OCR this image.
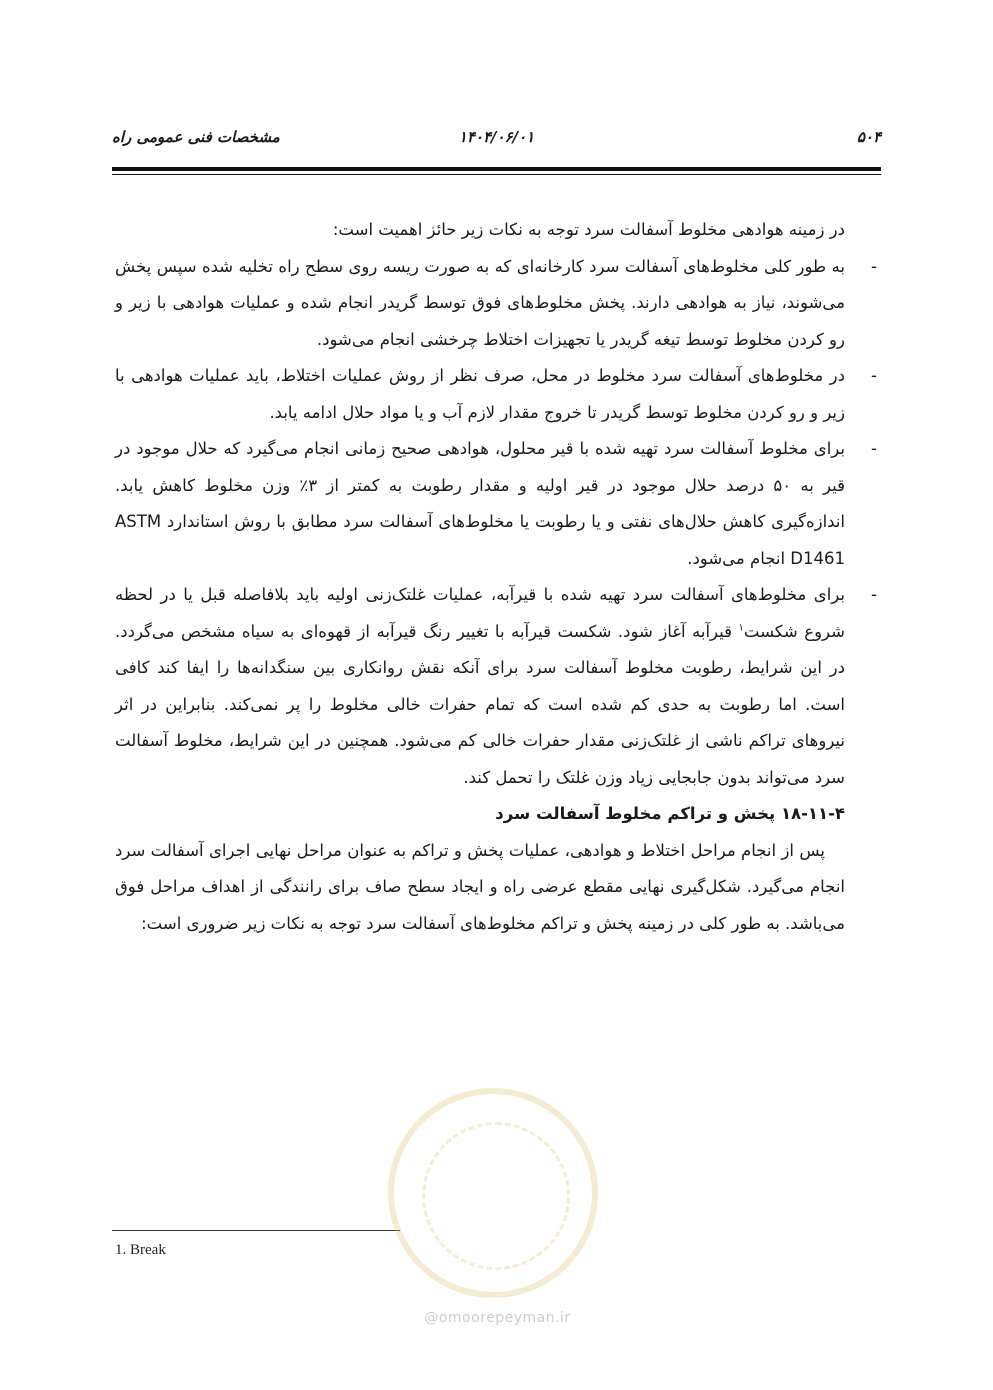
۵۰۴
۱۴۰۴/۰۶/۰۱
مشخصات فنی عمومی راه

در زمینه هوادهی مخلوط آسفالت سرد توجه به نکات زیر حائز اهمیت است:

-
به طور کلی مخلوط‌های آسفالت سرد کارخانه‌ای که به صورت ریسه روی سطح راه تخلیه شده سپس پخش می‌شوند، نیاز به هوادهی دارند. پخش مخلوط‌های فوق توسط گریدر انجام شده و عملیات هوادهی با زیر و رو کردن مخلوط توسط تیغه گریدر یا تجهیزات اختلاط چرخشی انجام می‌شود.
-
در مخلوط‌های آسفالت سرد مخلوط در محل، صرف نظر از روش عملیات اختلاط، باید عملیات هوادهی با زیر و رو کردن مخلوط توسط گریدر تا خروج مقدار لازم آب و یا مواد حلال ادامه یابد.
-
برای مخلوط آسفالت سرد تهیه شده با قیر محلول، هوادهی صحیح زمانی انجام می‌گیرد که حلال موجود در قیر به ۵۰ درصد حلال موجود در قیر اولیه و مقدار رطوبت به کمتر از ۳٪ وزن مخلوط کاهش یابد. اندازه‌گیری کاهش حلال‌های نفتی و یا رطوبت یا مخلوط‌های آسفالت سرد مطابق با روش استاندارد ASTM D1461 انجام می‌شود.
-
برای مخلوط‌های آسفالت سرد تهیه شده با قیرآبه، عملیات غلتک‌زنی اولیه باید بلافاصله قبل یا در لحظه شروع شکست$^۱$ قیرآبه آغاز شود. شکست قیرآبه با تغییر رنگ قیرآبه از قهوه‌ای به سیاه مشخص می‌گردد. در این شرایط، رطوبت مخلوط آسفالت سرد برای آنکه نقش روانکاری بین سنگدانه‌ها را ایفا کند کافی است. اما رطوبت به حدی کم شده است که تمام حفرات خالی مخلوط را پر نمی‌کند. بنابراین در اثر نیروهای تراکم ناشی از غلتک‌زنی مقدار حفرات خالی کم می‌شود. همچنین در این شرایط، مخلوط آسفالت سرد می‌تواند بدون جابجایی زیاد وزن غلتک را تحمل کند.

۱۸-۱۱-۴ پخش و تراکم مخلوط آسفالت سرد

پس از انجام مراحل اختلاط و هوادهی، عملیات پخش و تراکم به عنوان مراحل نهایی اجرای آسفالت سرد انجام می‌گیرد. شکل‌گیری نهایی مقطع عرضی راه و ایجاد سطح صاف برای رانندگی از اهداف مراحل فوق می‌باشد. به طور کلی در زمینه پخش و تراکم مخلوط‌های آسفالت سرد توجه به نکات زیر ضروری است:

1. Break
@omoorepeyman.ir
